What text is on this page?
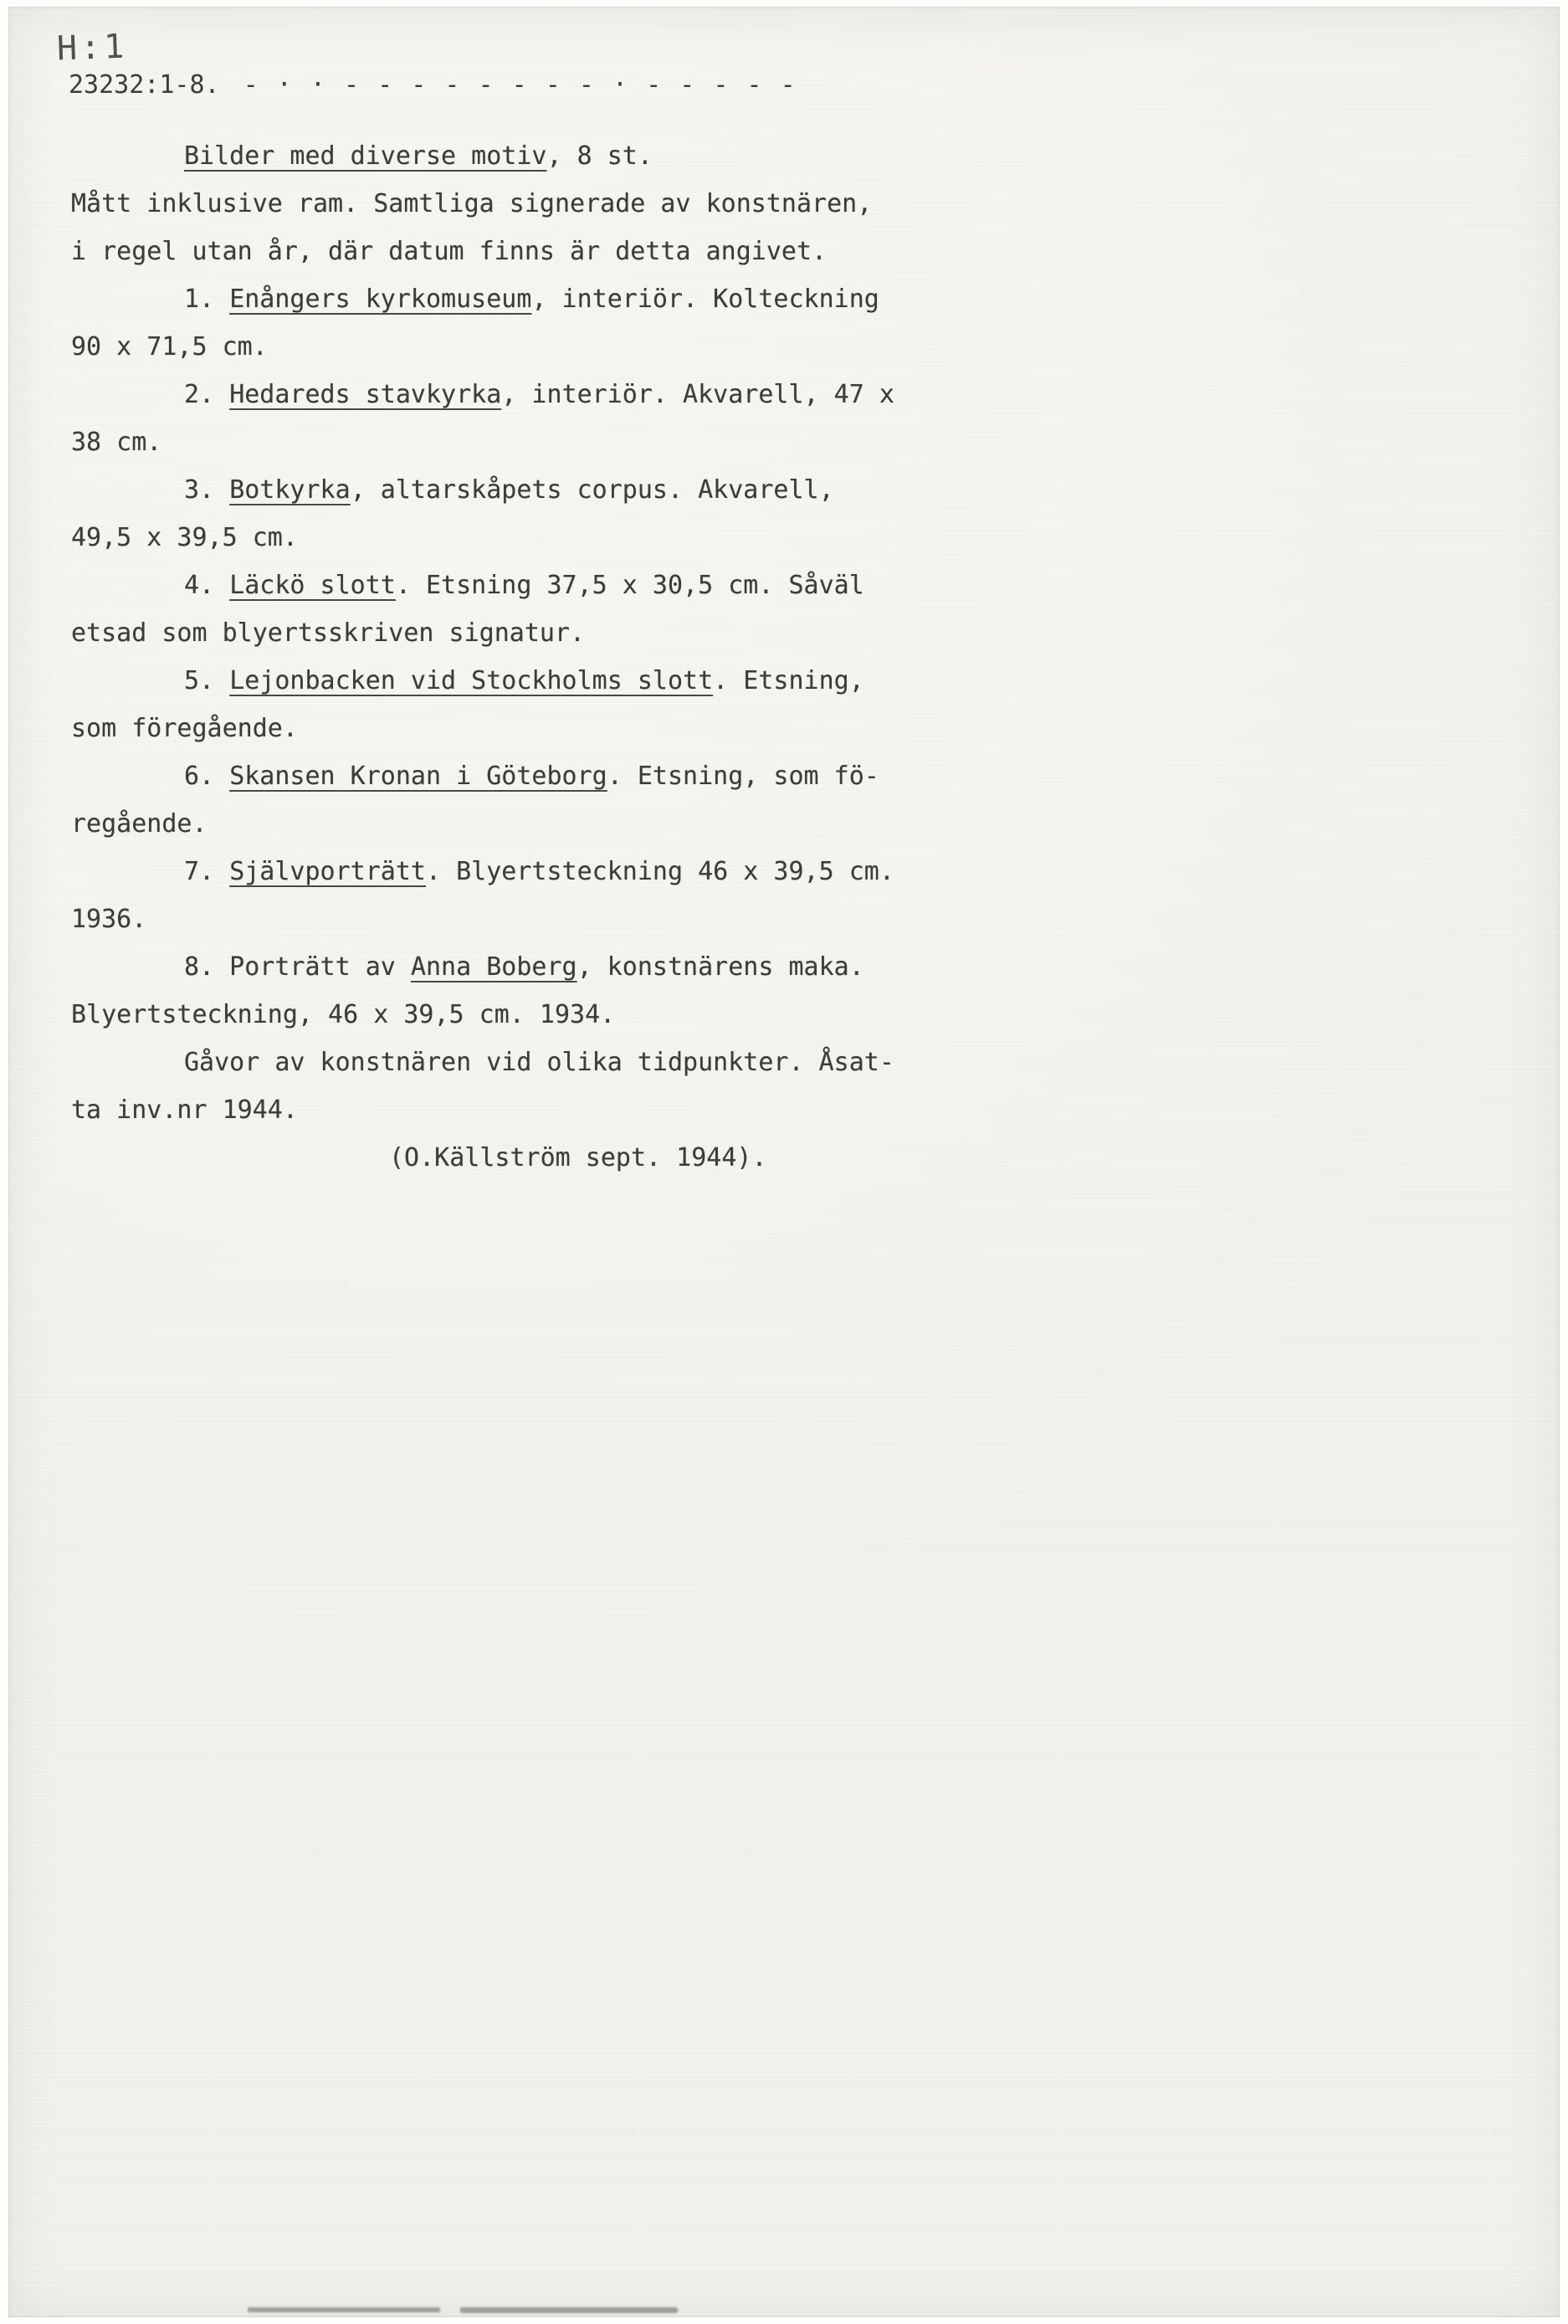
H:1
23232:1-8. - · · - - - - - - - - · - - - - -
Bilder med diverse motiv, 8 st.
Mått inklusive ram. Samtliga signerade av konstnären,
i regel utan år, där datum finns är detta angivet.
1. Enångers kyrkomuseum, interiör. Kolteckning
90 x 71,5 cm.
2. Hedareds stavkyrka, interiör. Akvarell, 47 x
38 cm.
3. Botkyrka, altarskåpets corpus. Akvarell,
49,5 x 39,5 cm.
4. Läckö slott. Etsning 37,5 x 30,5 cm. Såväl
etsad som blyertsskriven signatur.
5. Lejonbacken vid Stockholms slott. Etsning,
som föregående.
6. Skansen Kronan i Göteborg. Etsning, som fö-
regående.
7. Självporträtt. Blyertsteckning 46 x 39,5 cm.
1936.
8. Porträtt av Anna Boberg, konstnärens maka.
Blyertsteckning, 46 x 39,5 cm. 1934.
Gåvor av konstnären vid olika tidpunkter. Åsat-
ta inv.nr 1944.
(O.Källström sept. 1944).
